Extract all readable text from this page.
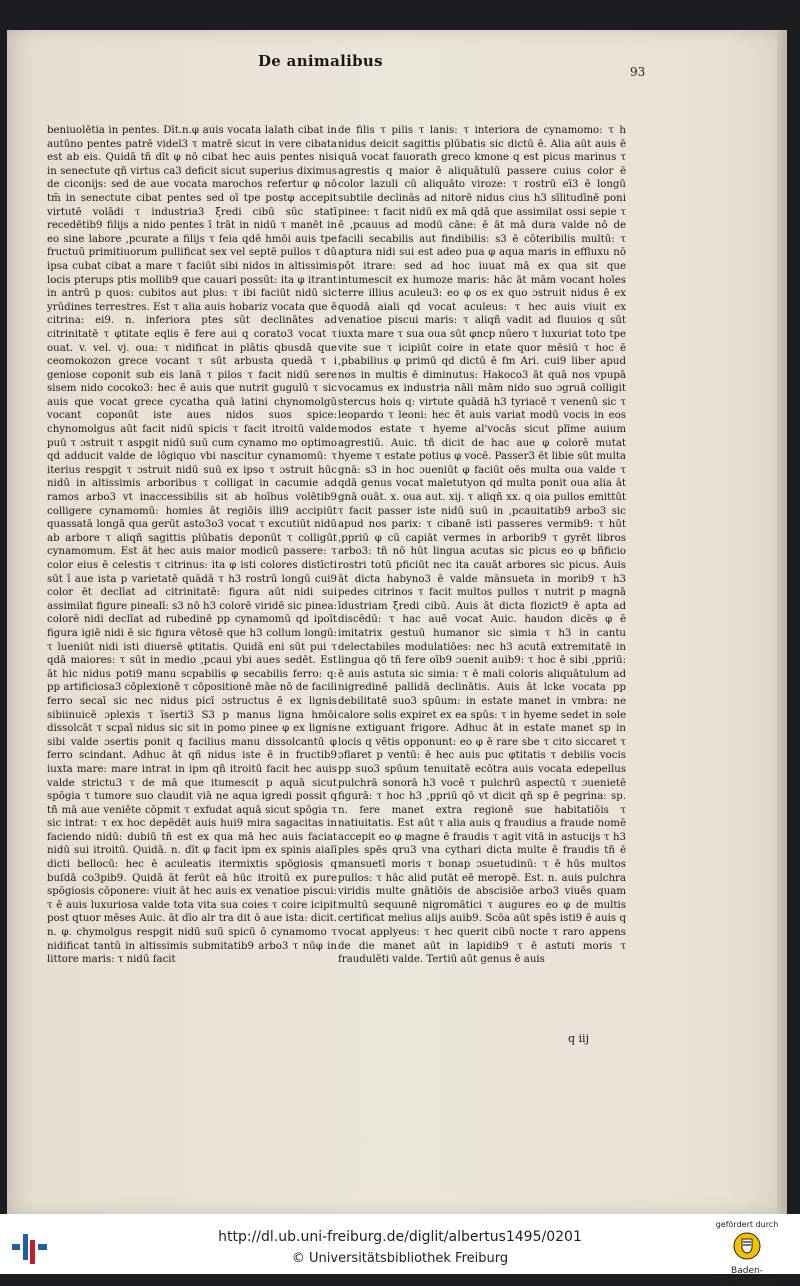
De animalibus
93
beniuolētia in pentes. Dīt.n.φ auis vocata lalath cibat in autūno pentes patrē videl3 τ matrē sicut in vere cibata est ab eis. Quidā tñ dīt φ nō cibat hec auis pentes nisi in senectute qñ virtus ca3 deficit sicut superius diximus de ciconijs: sed de aue vocata marochos refertur φ nō tm̄ in senectute cibat pentes sed oī tpe postφ accepit virtutē volādi τ industria3 ξredi cibū sūc statī recedētib9 filijs a nido pentes ī trāt in nidū τ manēt in eo sine labore ,pcurate a filijs τ feia qdē hmōi auis tpe fructuū primitiuorum pullificat sex vel septē pullos τ dū ipsa cubat cibat a mare τ faciūt sibi nidos in altissimis locis pterups ptis mollib9 que cauari possūt: ita φ itrant in antrū p quos: cubitos aut plus: τ ibi faciūt nidū sic yrūdines terrestres. Est τ alia auis hobariz vocata que ē citrina: ei9. n. inferiora ptes sūt declinātes ad citrinitatē τ φtitate eqlis ē fere aui q corato3 vocat τ ouat. v. vel. vj. oua: τ nidificat in plātis qbusdā que ceomokozon grece vocant τ sūt arbusta quedā τ i geniose coponit sub eis lanā τ pilos τ facit nidū sere sisem nido cocoko3: hec ē auis que nutrit gugulū τ sic auis que vocat grece cycatha quā latini chynomolgū vocant coponūt iste aues nidos suos spice: chynomolgus aūt facit nidū spicis τ facit itroitū valde puū τ ɔstruit τ aspgit nidū suū cum cynamo mo optimo qd adducit valde de lōgiquo vbi nascitur cynamomū: τ iterius respgit τ ɔstruit nidū suū ex ipso τ ɔstruit hūc nidū in altissimis arboribus τ colligat in cacumie ad ramos arbo3 vt inaccessibilis sit ab hoībus volētib9 colligere cynamomū: homies āt regiōis illi9 accipiūt quassatā longā qua gerūt asto3o3 vocat τ excutiūt nidū ab arbore τ aliqñ sagittis plūbatis deponūt τ colligūt cynamomum. Est āt hec auis maior modicū passere: τ color eius ē celestis τ citrinus: ita φ isti colores distīcti sūt ī aue ista p varietatē quādā τ h3 rostrū longū cui9 color ēt declīat ad citrinitatē: figura aūt nidi sui assimilat figure pinealī: s3 nō h3 colorē viridē sic pinea: colorē nidi declīat ad rubedinē pp cynamomū qd ipoīt figura igiē nidi ē sic figura vētosē que h3 collum longū: τ īueniūt nidi isti diuersē φtitatis. Quidā eni sūt pui τ qdā maiores: τ sūt in medio ,pcaui ybi aues sedēt. Est āt hic nidus poti9 manu scpabilis φ secabilis ferro: q: pp artificiosa3 cōplexionē τ cōpositionē māe nō de facili ferro secaī sic nec nidus picī ɔstructus ē ex lignis sibiinuicē ɔplexis τ īserti3 S3 p manus ligna hmōi dissolcāt τ scpaī nidus sic sit in pomo pinee φ ex lignis sibi valde ɔsertis ponit q facilius manu dissolcantū φ ferro scindant. Adhuc āt qñ nidus iste ē in fructib9 iuxta mare: mare intrat in ipm qñ itroitū facit hec auis valde strictu3 τ de mā que itumescit p aquā sicut spōgia τ tumore suo claudit viā ne aqua igredi possit q tñ mā aue veniēte cōpmit τ exfudat aquā sicut spōgia τ sic intrat: τ ex hoc depēdēt auis hui9 mira sagacitas in faciendo nidū: dubiū tñ est ex qua mā hec auis faciat nidū sui itroitū. Quidā. n. dīt φ facit ipm ex spinis aialī dicti bellocū: hec ē aculeatis itermixtis spōgiosis q buſdā co3pib9. Quidā āt ferūt eā hūc itroitū ex pure spōgiosis cōponere: viuit āt hec auis ex venatioe piscui: τ ē auis luxuriosa valde tota vita sua coies τ coire icipit post qtuor mēses Auic. āt dīo alr tra dit ō aue ista: dicit. n. φ. chymolgus respgit nidū suū spicū ō cynamomo τ nidificat tantū in altissimis submitatib9 arbo3 τ nūφ in littore maris: τ nidū facit
de filis τ pilis τ lanis: τ interiora de cynamomo: τ h nidus deicit sagittis plūbatis sic dictū ē. Alia aūt auis ē quā vocat fauorath greco kmone q est picus marinus τ agrestis q maior ē aliquātulū passere cuius color ē color lazuli cū aliquāto viroze: τ rostrū eī3 ē longū subtile declinās ad nitorē nidus cius h3 sīlitudīnē poni pinee: τ facit nidū ex mā qdā que assimilat ossi sepie τ ē ,pcauus ad modū cāne: ē āt mā dura valde nō de facili secabilis aut findibilis: s3 ē cōteribilis multū: τ aptura nidi sui est adeo pua φ aqua maris in effluxu nō pōt itrare: sed ad hoc iuuat mā ex qua sit que intumescit ex humoze maris: hāc āt mām vocant hoīes terre illius aculeu3: eo φ os ex quo ɔstruit nidus ē ex quodā aiali qd vocat aculeus: τ hec auis viuit ex venatioe piscui maris: τ aliqñ vadit ad fluuios q sūt iuxta mare τ sua oua sūt φncp nūero τ luxuriat toto tpe vite sue τ icipiūt coire in etate quor mēsiū τ hoc ē ,pbabilius φ primū qd dictū ē fm Ari. cui9 liber apud nos in multis ē diminutus: Hakoco3 āt quā nos vpupā vocamus ex industria nāli mām nido suo ɔgruā colligit stercus hois q: virtute quādā h3 tyriacē τ venenū sic τ leopardo τ leoni: hec ēt auis variat modū vocis in eos modos estate τ hyeme al'vocās sicut plīme auium agrestiū. Auic. tñ dicit de hac aue φ colorē mutat hyeme τ estate potius φ vocē. Passer3 ēt libie sūt multa gnā: s3 in hoc ɔueniūt φ faciūt oēs multa oua valde τ qdā genus vocat maletutyon qd multa ponit oua alia āt gnā ouāt. x. oua aut. xij. τ aliqñ xx. q oia pullos emittūt τ facit passer iste nidū suū in ,pcauitatib9 arbo3 sic apud nos parix: τ cibanē isti passeres vermib9: τ hūt ,ppriū φ cū capiāt vermes in arborib9 τ gyrēt libros arbo3: tñ nō hūt lingua acutas sic picus eo φ bñficio rostri totū pficiūt nec ita cauāt arbores sic picus. Auis āt dicta habyno3 ē valde mānsueta in morib9 τ h3 pedes citrinos τ facit multos pullos τ nutrit p magnā īdustriam ξredi cibū. Auis āt dicta flozict9 ē apta ad discēdū: τ hac auē vocat Auic. haudon dicēs φ ē imitatrix gestuū humanor sic simia τ h3 in cantu delectabiles modulatiōes: nec h3 acutā extremitatē in lingua qō tñ fere oīb9 ɔuenit auib9: τ hoc ē sibi ,ppriū: ē auis astuta sic simia: τ ē mali coloris aliquātulum ad nigredinē pallidā declinātis. Auis āt lcke vocata pp debilitatē suo3 spūum: in estate manet in vmbra: ne calore solis expiret ex ea spūs: τ in hyeme sedet in sole ne extiguant frigore. Adhuc āt in estate manet sp in locis q vētis opponunt: eo φ ē rare sbe τ cito siccaret τ ɔflaret p ventū: ē hec auis puc φtitatis τ debilis vocis pp suo3 spūum tenuitatē ecōtra auis vocata edepellus pulchrā sonorā h3 vocē τ pulchrū aspectū τ ɔuenietē figurā: τ hoc h3 ,ppriū qō vt dicit qñ sp ē pegrina: sp. n. fere manet extra regionē sue habitatiōis τ natiuitatis. Est aūt τ alia auis q fraudius a fraude nomē accepit eo φ magne ē fraudis τ agit vitā in astucijs τ h3 ples spēs qru3 vna cythari dicta multe ē fraudis tñ ē mansuetī moris τ bonap ɔsuetudinū: τ ē hūs multos pullos: τ hāc alid putāt eē meropē. Est. n. auis pulchra viridis multe gnātiōis de abscisiōe arbo3 viuēs quam multū sequunē nigromātici τ augures eo φ de multis certificat melius alijs auib9. Scōa aūt spēs isti9 ē auis q vocat applyeus: τ hec querit cibū nocte τ raro appens de die manet aūt in lapidib9 τ ē astuti moris τ fraudulēti valde. Tertiū aūt genus ē auis
q iij
http://dl.ub.uni-freiburg.de/diglit/albertus1495/0201
© Universitätsbibliothek Freiburg
gefördert durch
Baden-Württemberg
